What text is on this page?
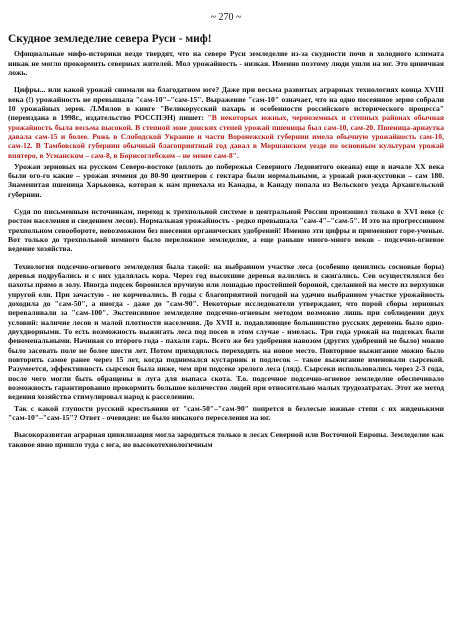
~ 270 ~
Скудное земледелие севера Руси - миф!

Официальные мифо-историки везде твердят, что на севере Руси земледелие из-за скудности почв и холодного климата никак не могло прокормить северных жителей. Мол урожайность - низкая. Именно поэтому люди ушли на юг. Это циничная ложь.

Цифры... или какой урожай снимали на благодатном юге? Даже при весьма развитых аграрных технологиях конца XVIII века (!) урожайность не превышала "сам-10"–"сам-15". Выражение "сам-10" означает, что на одно посеянное зерно собрали 10 урожайных зерен. Л.Милов в книге "Великорусский пахарь и особенности российского исторического процесса" (переиздана в 1998г., издательство РОССПЭН) пишет: "В некоторых южных, черноземных и степных районах обычная урожайность была весьма высокой. В степной зоне донских степей урожай пшеницы был сам-10, сам-20. Пшеница-арнаутка давала сам-15 и более. Рожь в Слободской Украине и части Воронежской губернии имела обычную урожайность сам-10, сам-12. В Тамбовской губернии обычный благоприятный год давал в Моршанском уезде по основным культурам урожай впятеро, в Усманском – сам-8, в Борисоглебском – не менее сам-8".

Урожаи зерновых на русском Северо-востоке (вплоть до побережья Северного Ледовитого океана) еще в начале XX века были ого-го какие – урожаи ячменя до 80-90 центнеров с гектара были нормальными, а урожай ржи-кустовки – сам 180. Знаменитая пшеница Харьковка, которая к нам приехала из Канады, в Канаду попала из Вельского уезда Архангельской губернии.

Судя по письменным источникам, переход к трехпольной системе в центральной России произошел только в XVI веке (с ростом населения и сведением лесов). Нормальная урожайность - редко превышала "сам-4"–"сам-5". И это на прогрессивном трехпольном севообороте, невозможном без внесения органических удобрений! Именно эти цифры и применяют горе-ученые. Вот только до трехпольной немного было переложное земледелие, а еще раньше много-много веков - подсечно-огневое ведение хозяйства.

Технология подсечно-огневого земледелия была такой: на выбранном участке леса (особенно ценились сосновые боры) деревья подрубались и с них удалялась кора. Через год высохшие деревья валились и сжигались. Сев осуществлялся без пахоты прямо в золу. Иногда подсек боронился вручную или лошадью простейшей бороной, сделанной на месте из верхушки упругой ели. При зачастую - не корчевались. В годы с благоприятной погодой на удачно выбранном участке урожайность доходила до "сам-50", а иногда - даже до "сам-90". Некоторые исследователи утверждают, что порой сборы зерновых переваливали за "сам-100". Экстенсивное земледелие подсечно-огневым методом возможно лишь при соблюдении двух условий: наличие лесов и малой плотности населения. До XVII в. подавляющее большинство русских деревень было одно-двухдворными. То есть возможность выжигать леса под посев в этом случае - имелась. Три года урожай на подсеках были феноменальными. Начиная со второго года - пахали гарь. Всего же без удобрения навозом (других удобрений не было) можно было засевать поле не более шести лет. Потом приходилось переходить на новое место. Повторное выжигание можно было повторить самое ранее через 15 лет, когда поднимался кустарник и подлесок – такое выжигание именовали сырсекой. Разумеется, эффективность сырсеки была ниже, чем при подсеке зрелого леса (ляд). Сырсеки использовались через 2-3 года, после чего могли быть обращены в луга для выпаса скота. Т.о. подсечное подсечно-огневое земледелие обеспечивало возможность гарантированно прокормить большое количество людей при относительно малых трудозатратах. Этот же метод ведения хозяйства стимулировал народ к расселению.

Так с какой глупости русский крестьянин от "сам-50"–"сам-90" попрется в безлесые южные степи с их жиденькими "сам-10"–"сам-15"? Ответ - очевиден: не было никакого переселения на юг.

Высокоразвитая аграрная цивилизация могла зародиться только в лесах Северной или Восточной Европы. Земледелие как таковое явно пришло туда с юга, но высокотехнологичным
